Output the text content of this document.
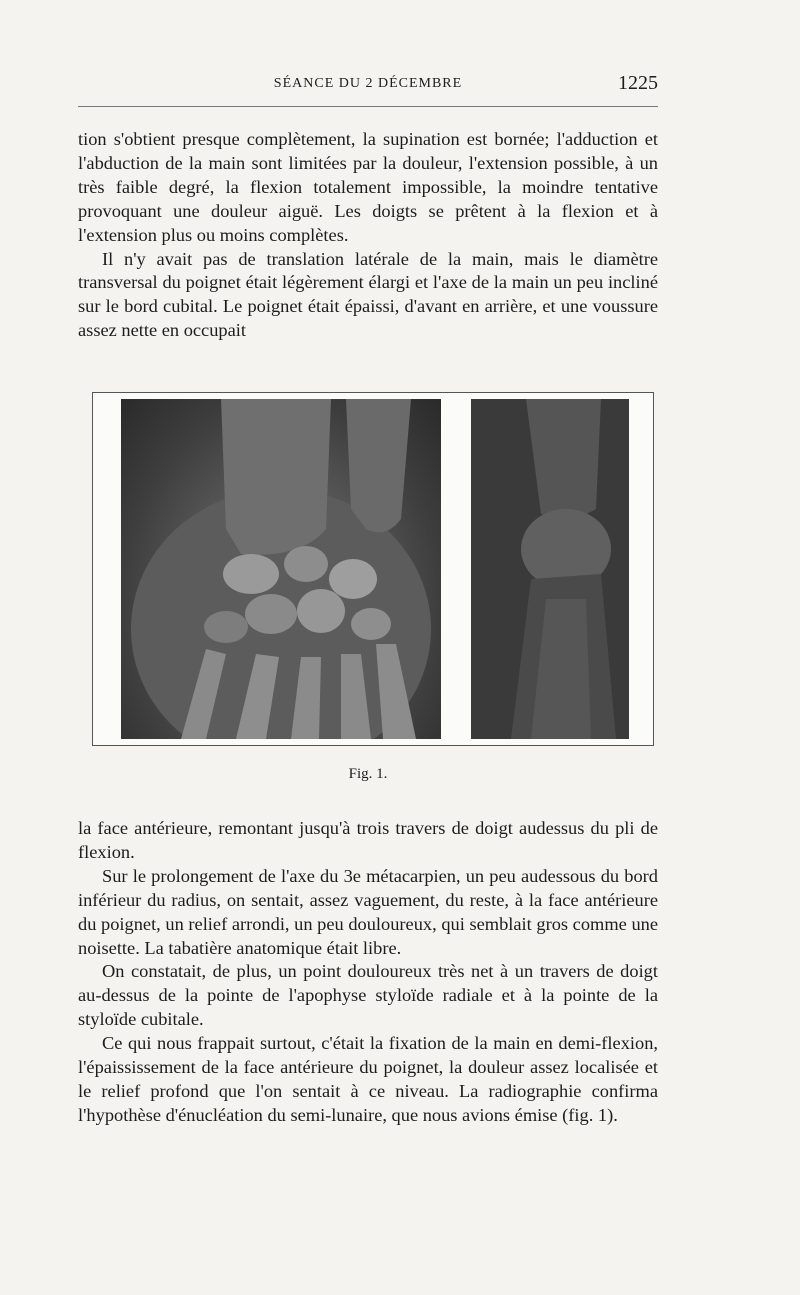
SÉANCE DU 2 DÉCEMBRE	1225

tion s'obtient presque complètement, la supination est bornée; l'adduction et l'abduction de la main sont limitées par la douleur, l'extension possible, à un très faible degré, la flexion totalement impossible, la moindre tentative provoquant une douleur aiguë. Les doigts se prêtent à la flexion et à l'extension plus ou moins complètes.

Il n'y avait pas de translation latérale de la main, mais le diamètre transversal du poignet était légèrement élargi et l'axe de la main un peu incliné sur le bord cubital. Le poignet était épaissi, d'avant en arrière, et une voussure assez nette en occupait

Fig. 1.

la face antérieure, remontant jusqu'à trois travers de doigt audessus du pli de flexion.

Sur le prolongement de l'axe du 3e métacarpien, un peu audessous du bord inférieur du radius, on sentait, assez vaguement, du reste, à la face antérieure du poignet, un relief arrondi, un peu douloureux, qui semblait gros comme une noisette. La tabatière anatomique était libre.

On constatait, de plus, un point douloureux très net à un travers de doigt au-dessus de la pointe de l'apophyse styloïde radiale et à la pointe de la styloïde cubitale.

Ce qui nous frappait surtout, c'était la fixation de la main en demi-flexion, l'épaississement de la face antérieure du poignet, la douleur assez localisée et le relief profond que l'on sentait à ce niveau. La radiographie confirma l'hypothèse d'énucléation du semi-lunaire, que nous avions émise (fig. 1).
